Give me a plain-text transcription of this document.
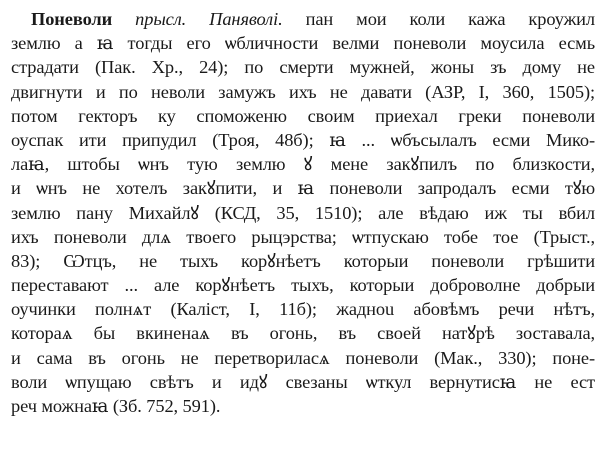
Поневоли прысл. Паняволі. пан мои коли кажа кроужил
землю а ꙗ тогды его ѡбличности велми поневоли моусила есмь
страдати (Пак. Хр., 24); по смерти мужней, жоны зъ дому не
двигнути и по неволи замужъ ихъ не давати (АЗР, I, 360, 1505);
потом гекторъ ку споможеню своим приехал греки поневоли
оуспак ити припудил (Троя, 48б); ꙗ ... ѡбъсылалъ есми Мико-
лаꙗ, штобы ѡнъ тую землю ꙋ мене закꙋпилъ по близкости,
и ѡнъ не хотелъ закꙋпити, и ꙗ поневоли запродалъ есми тꙋю
землю пану Михайлꙋ (КСД, 35, 1510); але вѣдаю иж ты вбил
ихъ поневоли длѧ твоего рыцэрства; ѡтпускаю тобе тое (Трыст.,
83); Ѡтцъ, не тыхъ корꙋнѣетъ которыи поневоли грѣшити
переставают ... але корꙋнѣетъ тыхъ, которыи доброволне добрыи
оучинки полнѧт (Каліст, I, 11б); жадноu абовѣмъ речи нѣтъ,
котораѧ бы вкиненаѧ въ огонь, въ своей натꙋрѣ зоставала,
и сама въ огонь не перетвориласѧ поневоли (Мак., 330); поне-
воли ѡпущаю свѣтъ и идꙋ свезаны ѡткул вернутисꙗ не ест
реч можнаꙗ (Зб. 752, 591).
